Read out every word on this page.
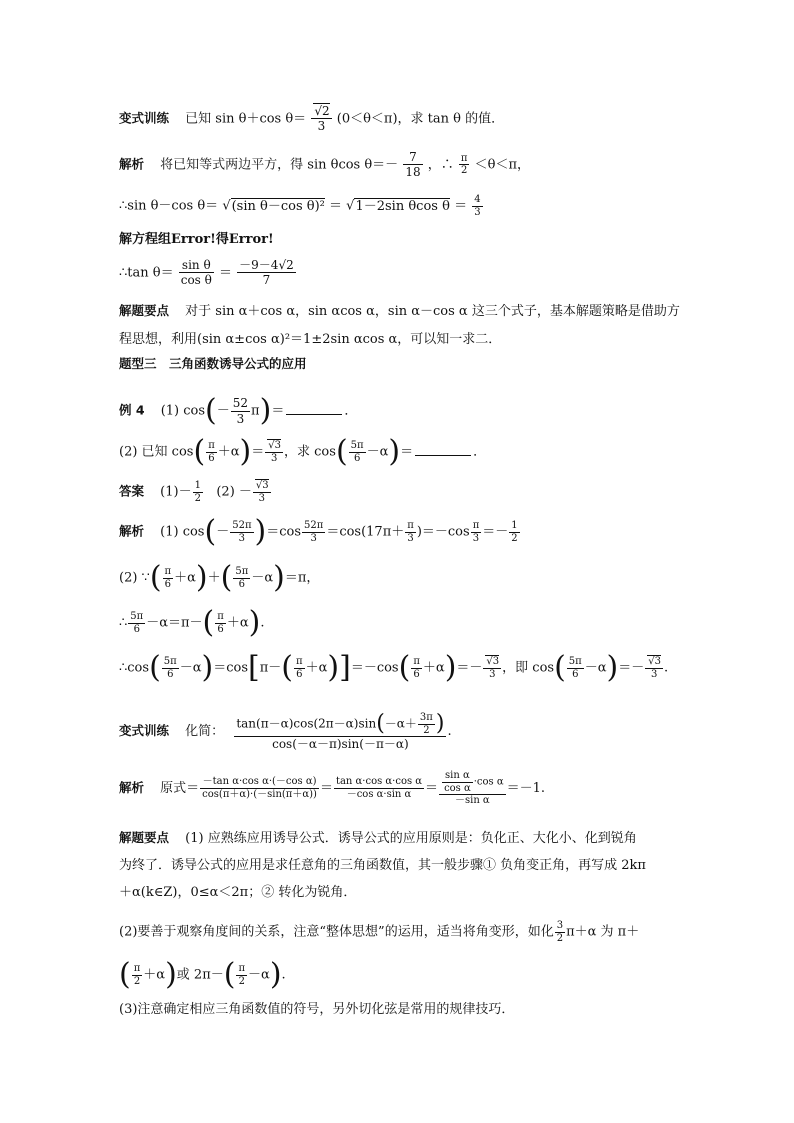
变式训练 已知 sin θ＋cos $\theta= \frac{√2}{3} (0<\theta<\pi)$，求 tan θ 的值．
解析 将已知等式两边平方，得 sin θcos $\theta=- \frac{7}{18}$ ，∴ $\frac{\pi}{2} <\theta<\pi$，
∴sin θ－cos θ＝ √(sin θ－cos θ)² ＝ √1－2sin θcos $\theta = \frac{4}{3}$
解方程组Error!得Error!
∴tan $\theta= \frac{\text{sin θ}}{\text{cos θ}} = \frac{-9-4√2}{7}$
解题要点 对于 sin α＋cos α，sin αcos α，sin α－cos α 这三个式子，基本解题策略是借助方
程思想，利用(sin α±cos α)²＝1±2sin αcos α，可以知一求二．
题型三　三角函数诱导公式的应用
例 4 (1) $\cos(- \frac{52}{3} \pi)=$	．
(2) 已知 $\cos( \frac{\pi}{6} +\alpha)= \frac{√3}{3}$ ，求 $\cos( \frac{5\pi}{6} -\alpha)=$	．
答案 $(1)- \frac{1}{2} (2) - \frac{√3}{3}$
解析 (1) $\cos(- \frac{52\pi}{3} )=\cos \frac{52\pi}{3} =\cos(17\pi+ \frac{\pi}{3} )=-\cos \frac{\pi}{3} =- \frac{1}{2}$
(2) ∵( $\frac{\pi}{6} +\alpha)+( \frac{5\pi}{6} -\alpha)=\pi$，
∴ $\frac{5\pi}{6} -\alpha=\pi-( \frac{\pi}{6} +\alpha)$.
∴cos( $\frac{5\pi}{6} -\alpha)=\cos[\pi-( \frac{\pi}{6} +\alpha)]=-\cos( \frac{\pi}{6} +\alpha)=- \frac{√3}{3}$ ，即 $\cos( \frac{5\pi}{6} -\alpha)=- \frac{√3}{3}$ .
变式训练 化简： $\frac{\tan(\pi-\alpha)\cos(2\pi-\alpha)\sin(-\alpha+ \frac{3\pi}{2} )}{\cos(-\alpha-\pi)\sin(-\pi-\alpha)}$ .
解析 原式＝ $\frac{\text{－tan α·cos α·(－cos α)}}{\cos(\pi+\alpha)\cdot(-\sin(\pi+\alpha))} = \frac{\text{tan α·cos α·cos α}}{\text{－cos α·sin α}} = \frac{\frac{\text{sin α}}{\text{cos α}} \cdot\cos \alpha}{\text{－sin α}} =-1$.
解题要点 (1) 应熟练应用诱导公式．诱导公式的应用原则是：负化正、大化小、化到锐角
为终了．诱导公式的应用是求任意角的三角函数值，其一般步骤① 负角变正角，再写成 2kπ
＋α(k∈Z)，0≤α＜2π；② 转化为锐角．
(2)要善于观察角度间的关系，注意“整体思想”的运用，适当将角变形，如化 $\frac{3}{2} \pi+\alpha$ 为 π＋
( $\frac{\pi}{2} +\alpha$)或 $2\pi-( \frac{\pi}{2} -\alpha)$.
(3)注意确定相应三角函数值的符号，另外切化弦是常用的规律技巧．
